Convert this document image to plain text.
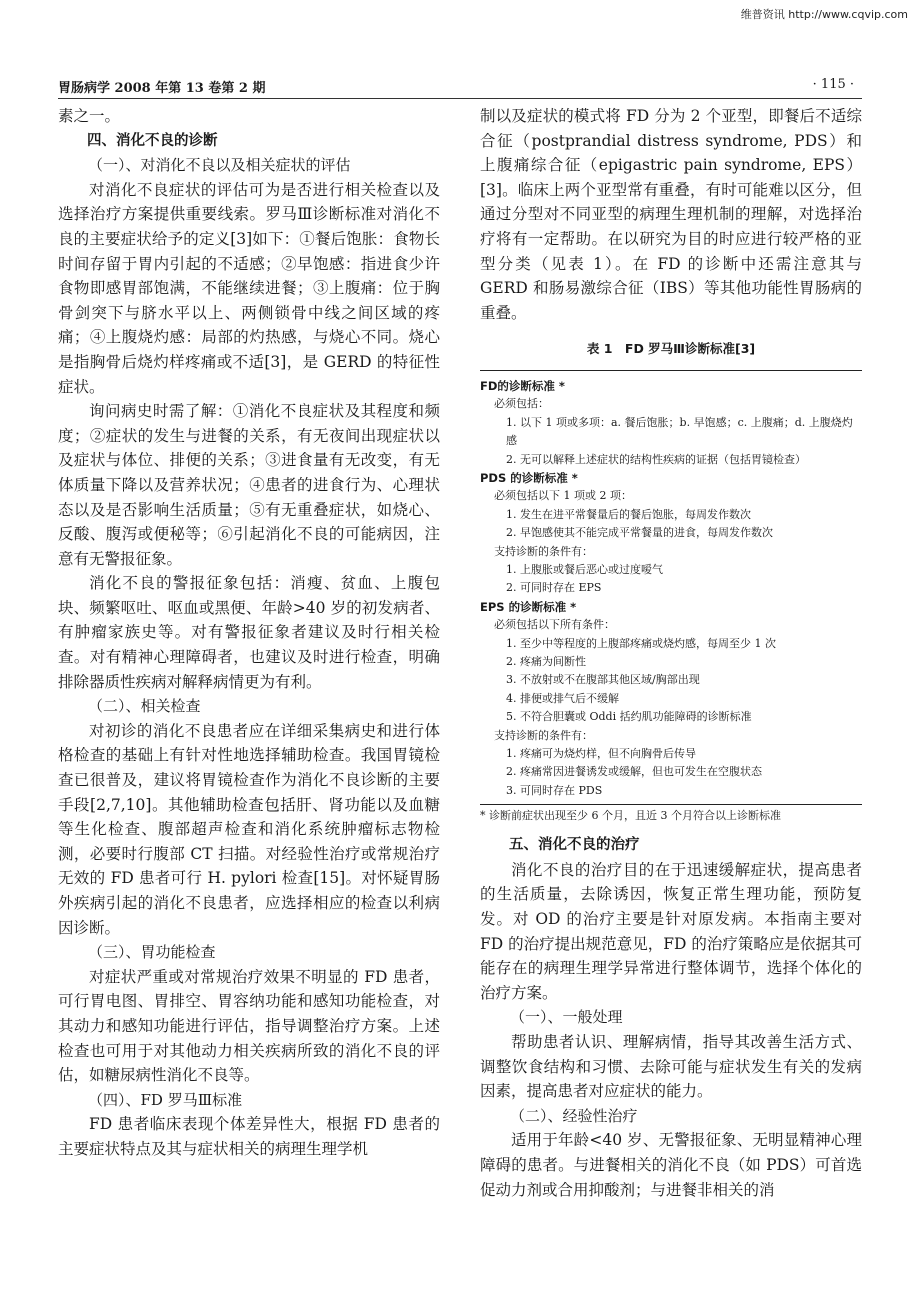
维普资讯 http://www.cqvip.com
胃肠病学 2008 年第 13 卷第 2 期	· 115 ·

素之一。

四、消化不良的诊断

（一）、对消化不良以及相关症状的评估

对消化不良症状的评估可为是否进行相关检查以及选择治疗方案提供重要线索。罗马Ⅲ诊断标准对消化不良的主要症状给予的定义[3]如下：①餐后饱胀：食物长时间存留于胃内引起的不适感；②早饱感：指进食少许食物即感胃部饱满，不能继续进餐；③上腹痛：位于胸骨剑突下与脐水平以上、两侧锁骨中线之间区域的疼痛；④上腹烧灼感：局部的灼热感，与烧心不同。烧心是指胸骨后烧灼样疼痛或不适[3]，是 GERD 的特征性症状。

询问病史时需了解：①消化不良症状及其程度和频度；②症状的发生与进餐的关系，有无夜间出现症状以及症状与体位、排便的关系；③进食量有无改变，有无体质量下降以及营养状况；④患者的进食行为、心理状态以及是否影响生活质量；⑤有无重叠症状，如烧心、反酸、腹泻或便秘等；⑥引起消化不良的可能病因，注意有无警报征象。

消化不良的警报征象包括：消瘦、贫血、上腹包块、频繁呕吐、呕血或黑便、年龄>40 岁的初发病者、有肿瘤家族史等。对有警报征象者建议及时行相关检查。对有精神心理障碍者，也建议及时进行检查，明确排除器质性疾病对解释病情更为有利。

（二）、相关检查

对初诊的消化不良患者应在详细采集病史和进行体格检查的基础上有针对性地选择辅助检查。我国胃镜检查已很普及，建议将胃镜检查作为消化不良诊断的主要手段[2,7,10]。其他辅助检查包括肝、肾功能以及血糖等生化检查、腹部超声检查和消化系统肿瘤标志物检测，必要时行腹部 CT 扫描。对经验性治疗或常规治疗无效的 FD 患者可行 H. pylori 检查[15]。对怀疑胃肠外疾病引起的消化不良患者，应选择相应的检查以利病因诊断。

（三）、胃功能检查

对症状严重或对常规治疗效果不明显的 FD 患者，可行胃电图、胃排空、胃容纳功能和感知功能检查，对其动力和感知功能进行评估，指导调整治疗方案。上述检查也可用于对其他动力相关疾病所致的消化不良的评估，如糖尿病性消化不良等。

（四）、FD 罗马Ⅲ标准

FD 患者临床表现个体差异性大，根据 FD 患者的主要症状特点及其与症状相关的病理生理学机

制以及症状的模式将 FD 分为 2 个亚型，即餐后不适综合征（postprandial distress syndrome, PDS）和上腹痛综合征（epigastric pain syndrome, EPS）[3]。临床上两个亚型常有重叠，有时可能难以区分，但通过分型对不同亚型的病理生理机制的理解，对选择治疗将有一定帮助。在以研究为目的时应进行较严格的亚型分类（见表 1）。在 FD 的诊断中还需注意其与 GERD 和肠易激综合征（IBS）等其他功能性胃肠病的重叠。

表 1　FD 罗马Ⅲ诊断标准[3]
FD的诊断标准 *
必须包括：
1. 以下 1 项或多项：a. 餐后饱胀；b. 早饱感；c. 上腹痛；d. 上腹烧灼感
2. 无可以解释上述症状的结构性疾病的证据（包括胃镜检查）
PDS 的诊断标准 *
必须包括以下 1 项或 2 项：
1. 发生在进平常餐量后的餐后饱胀，每周发作数次
2. 早饱感使其不能完成平常餐量的进食，每周发作数次
支持诊断的条件有：
1. 上腹胀或餐后恶心或过度嗳气
2. 可同时存在 EPS
EPS 的诊断标准 *
必须包括以下所有条件：
1. 至少中等程度的上腹部疼痛或烧灼感，每周至少 1 次
2. 疼痛为间断性
3. 不放射或不在腹部其他区域/胸部出现
4. 排便或排气后不缓解
5. 不符合胆囊或 Oddi 括约肌功能障碍的诊断标准
支持诊断的条件有：
1. 疼痛可为烧灼样，但不向胸骨后传导
2. 疼痛常因进餐诱发或缓解，但也可发生在空腹状态
3. 可同时存在 PDS
* 诊断前症状出现至少 6 个月，且近 3 个月符合以上诊断标准

五、消化不良的治疗

消化不良的治疗目的在于迅速缓解症状，提高患者的生活质量，去除诱因，恢复正常生理功能，预防复发。对 OD 的治疗主要是针对原发病。本指南主要对 FD 的治疗提出规范意见，FD 的治疗策略应是依据其可能存在的病理生理学异常进行整体调节，选择个体化的治疗方案。

（一）、一般处理

帮助患者认识、理解病情，指导其改善生活方式、调整饮食结构和习惯、去除可能与症状发生有关的发病因素，提高患者对应症状的能力。

（二）、经验性治疗

适用于年龄<40 岁、无警报征象、无明显精神心理障碍的患者。与进餐相关的消化不良（如 PDS）可首选促动力剂或合用抑酸剂；与进餐非相关的消
